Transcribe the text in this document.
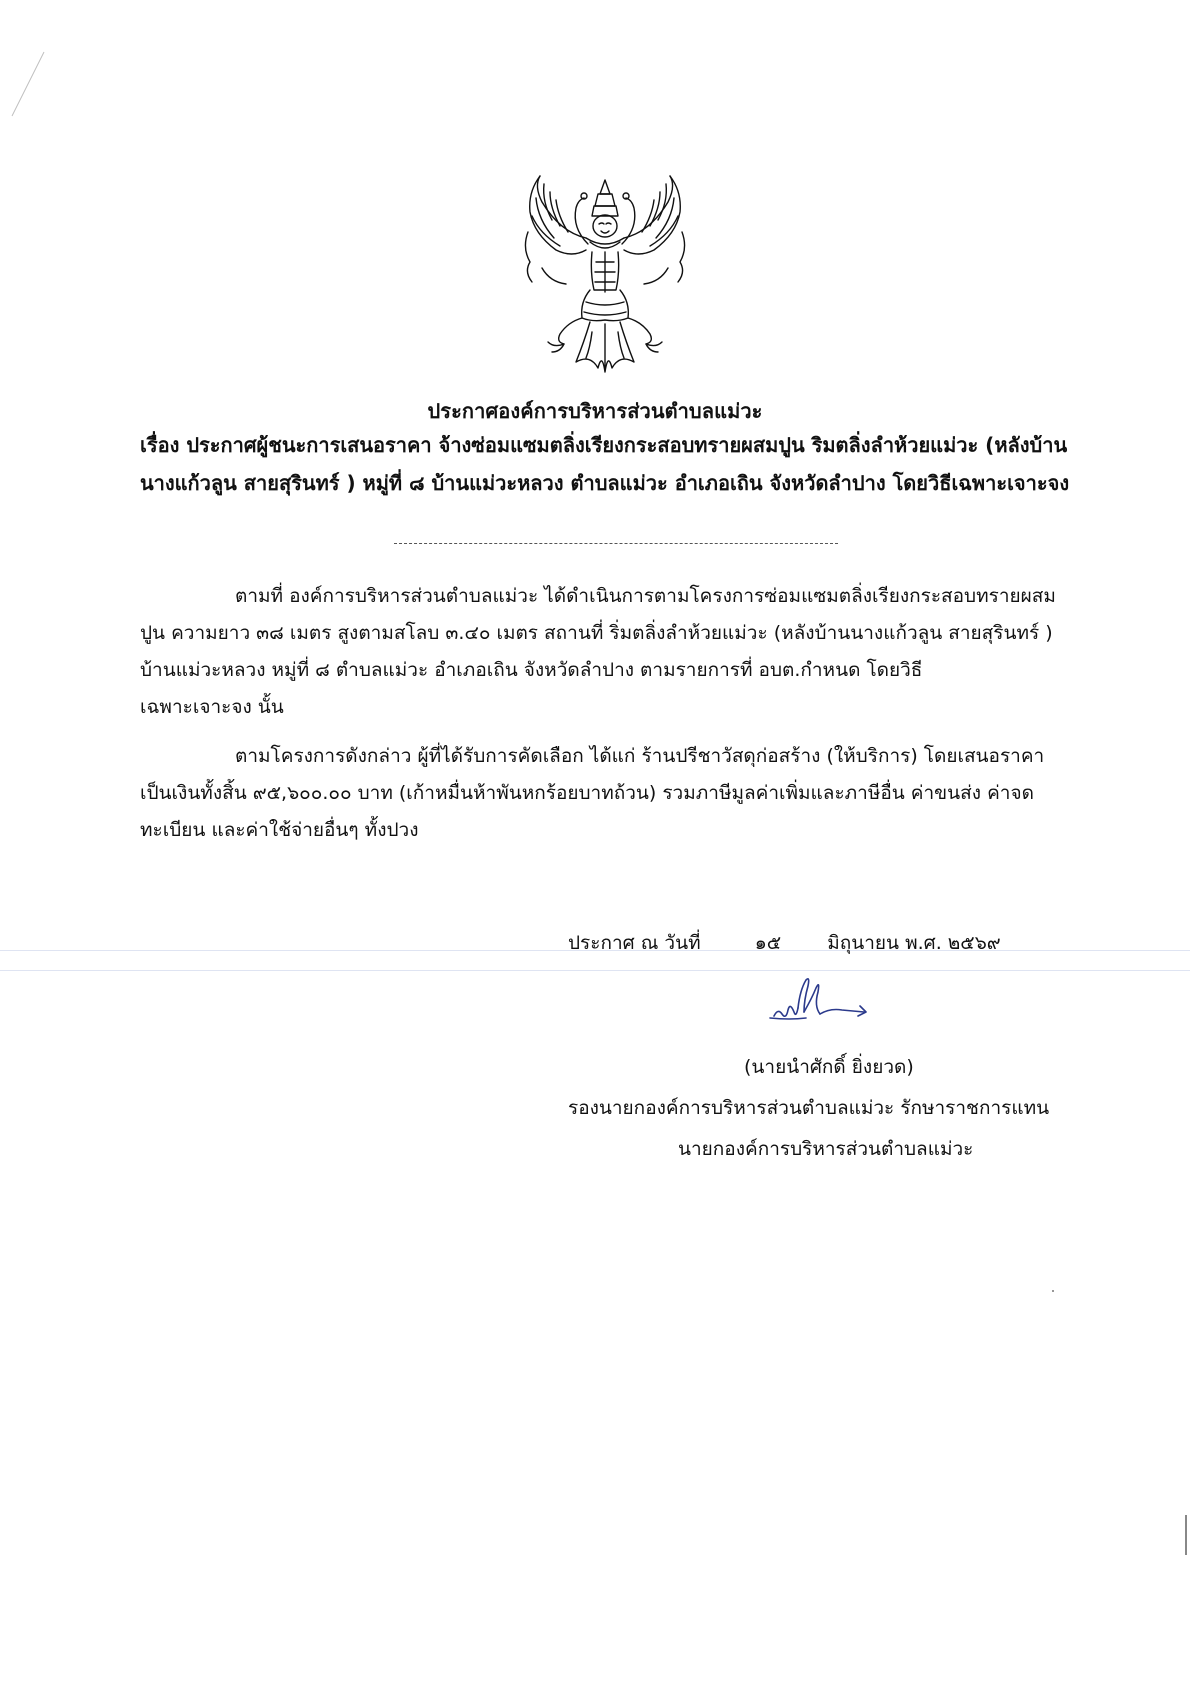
ประกาศองค์การบริหารส่วนตำบลแม่วะ
เรื่อง ประกาศผู้ชนะการเสนอราคา จ้างซ่อมแซมตลิ่งเรียงกระสอบทรายผสมปูน ริมตลิ่งลำห้วยแม่วะ (หลังบ้าน
นางแก้วลูน สายสุรินทร์ ) หมู่ที่ ๘ บ้านแม่วะหลวง ตำบลแม่วะ อำเภอเถิน จังหวัดลำปาง โดยวิธีเฉพาะเจาะจง
ตามที่ องค์การบริหารส่วนตำบลแม่วะ ได้ดำเนินการตามโครงการซ่อมแซมตลิ่งเรียงกระสอบทรายผสม
ปูน ความยาว ๓๘ เมตร สูงตามสโลบ ๓.๔๐ เมตร สถานที่ ริ่มตลิ่งลำห้วยแม่วะ (หลังบ้านนางแก้วลูน สายสุรินทร์ )
บ้านแม่วะหลวง หมู่ที่ ๘ ตำบลแม่วะ อำเภอเถิน จังหวัดลำปาง ตามรายการที่ อบต.กำหนด โดยวิธี
เฉพาะเจาะจง นั้น
ตามโครงการดังกล่าว ผู้ที่ได้รับการคัดเลือก ได้แก่ ร้านปรีชาวัสดุก่อสร้าง (ให้บริการ) โดยเสนอราคา
เป็นเงินทั้งสิ้น ๙๕,๖๐๐.๐๐ บาท (เก้าหมื่นห้าพันหกร้อยบาทถ้วน) รวมภาษีมูลค่าเพิ่มและภาษีอื่น ค่าขนส่ง ค่าจด
ทะเบียน และค่าใช้จ่ายอื่นๆ ทั้งปวง
ประกาศ ณ วันที่	๑๕ มิถุนายน พ.ศ. ๒๕๖๙
(นายนำศักดิ์ ยิ่งยวด)
รองนายกองค์การบริหารส่วนตำบลแม่วะ รักษาราชการแทน
นายกองค์การบริหารส่วนตำบลแม่วะ
